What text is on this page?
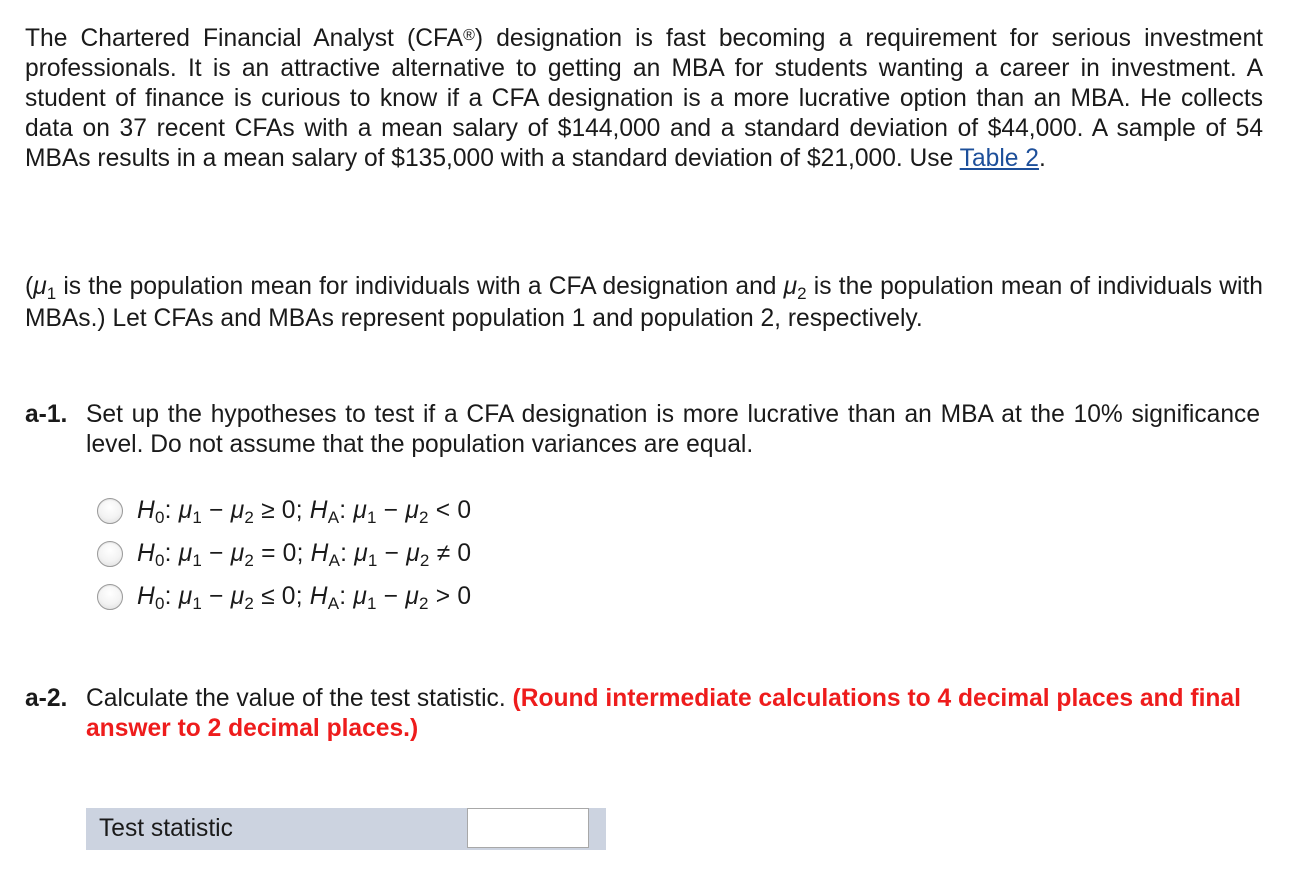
The Chartered Financial Analyst (CFA®) designation is fast becoming a requirement for serious investment professionals. It is an attractive alternative to getting an MBA for students wanting a career in investment. A student of finance is curious to know if a CFA designation is a more lucrative option than an MBA. He collects data on 37 recent CFAs with a mean salary of $144,000 and a standard deviation of $44,000. A sample of 54 MBAs results in a mean salary of $135,000 with a standard deviation of $21,000. Use Table 2.

($\mu_1$ is the population mean for individuals with a CFA designation and $\mu_2$ is the population mean of individuals with MBAs.) Let CFAs and MBAs represent population 1 and population 2, respectively.

a-1. Set up the hypotheses to test if a CFA designation is more lucrative than an MBA at the 10% significance level. Do not assume that the population variances are equal.
$H_0$: $\mu_1 - \mu_2 \ge 0$; $H_A$: $\mu_1 - \mu_2 < 0$
$H_0$: $\mu_1 - \mu_2 = 0$; $H_A$: $\mu_1 - \mu_2 \ne 0$
$H_0$: $\mu_1 - \mu_2 \le 0$; $H_A$: $\mu_1 - \mu_2 > 0$
a-2. Calculate the value of the test statistic. (Round intermediate calculations to 4 decimal places and final answer to 2 decimal places.)
Test statistic
